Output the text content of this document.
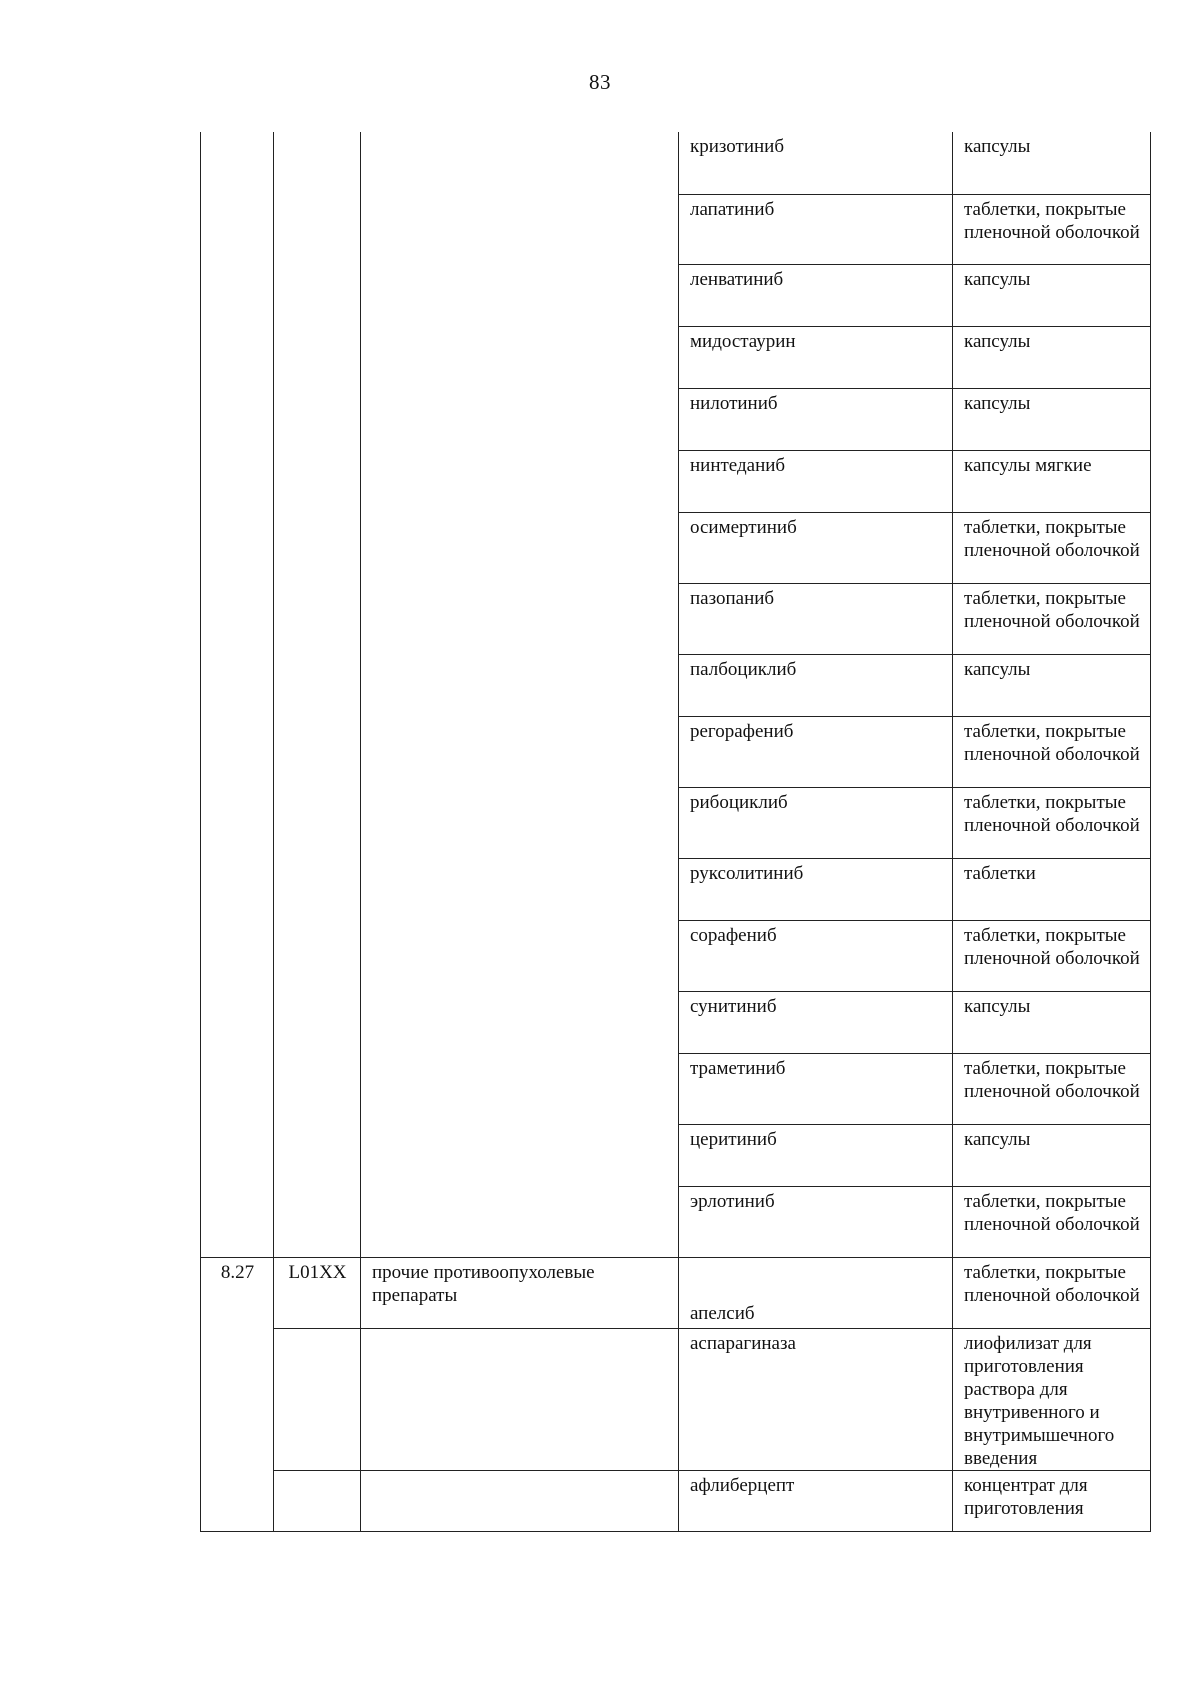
83
			кризотиниб	капсулы
			лапатиниб	таблетки, покрытые пленочной оболочкой
			ленватиниб	капсулы
			мидостаурин	капсулы
			нилотиниб	капсулы
			нинтеданиб	капсулы мягкие
			осимертиниб	таблетки, покрытые пленочной оболочкой
			пазопаниб	таблетки, покрытые пленочной оболочкой
			палбоциклиб	капсулы
			регорафениб	таблетки, покрытые пленочной оболочкой
			рибоциклиб	таблетки, покрытые пленочной оболочкой
			руксолитиниб	таблетки
			сорафениб	таблетки, покрытые пленочной оболочкой
			сунитиниб	капсулы
			траметиниб	таблетки, покрытые пленочной оболочкой
			церитиниб	капсулы
			эрлотиниб	таблетки, покрытые пленочной оболочкой
8.27	L01XX	прочие противоопухолевые препараты	апелсиб	таблетки, покрытые пленочной оболочкой
			аспарагиназа	лиофилизат для приготовления раствора для внутривенного и внутримышечного введения
			афлиберцепт	концентрат для приготовления
